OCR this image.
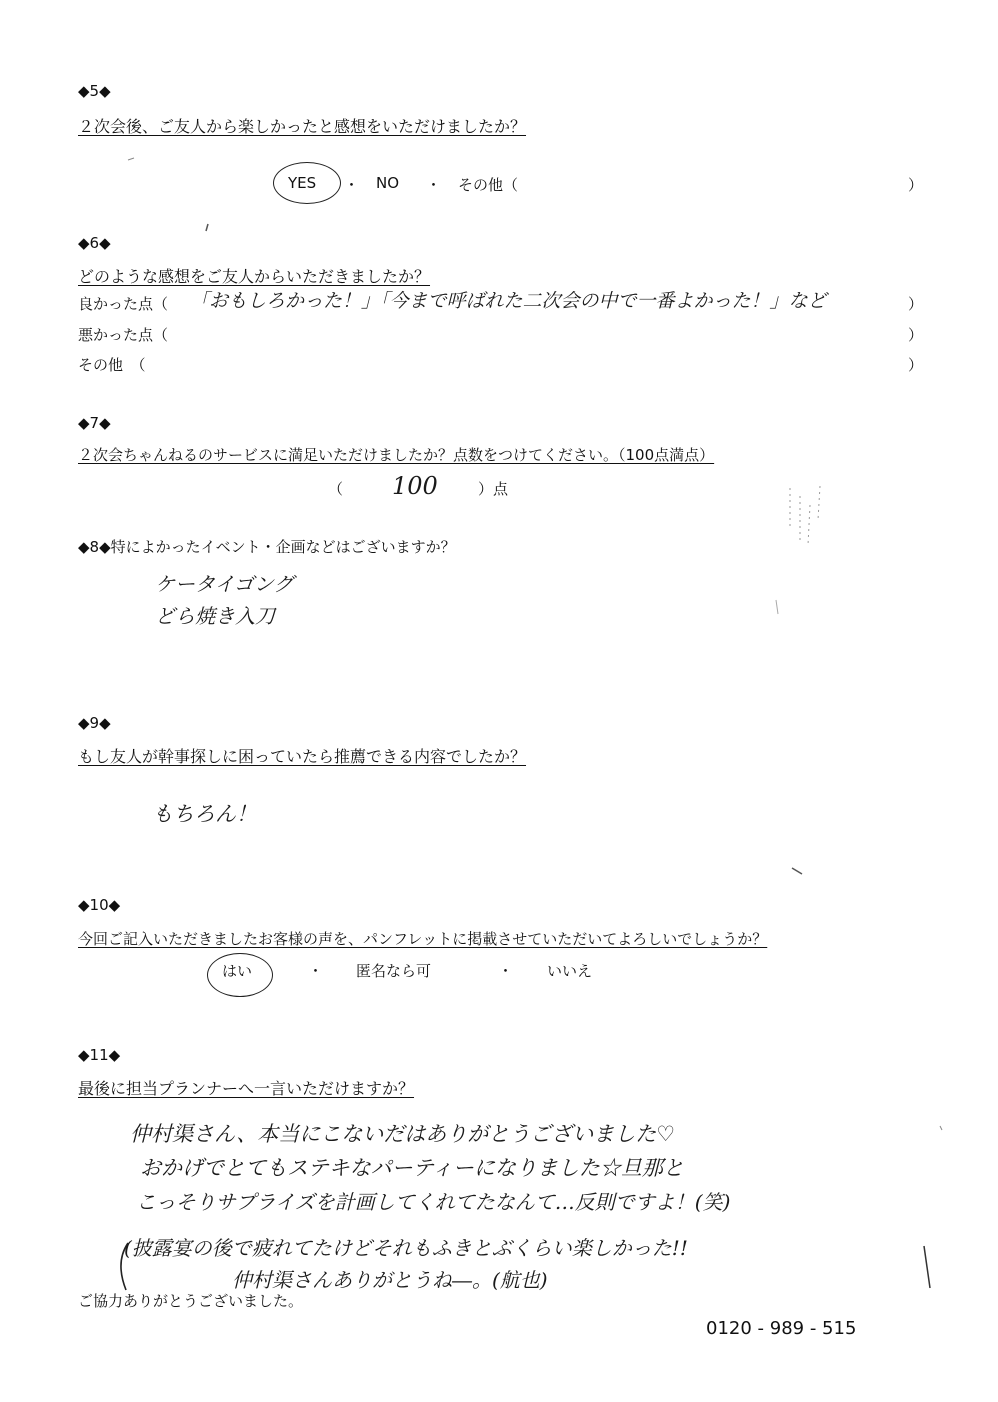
◆5◆
２次会後、ご友人から楽しかったと感想をいただけましたか？
YES ・ NO ・ その他（	）
◆6◆
どのような感想をご友人からいただきましたか？
良かった点（ 「おもしろかった！」「今まで呼ばれた二次会の中で一番よかった！」など	）
悪かった点（	）
その他　（	）
◆7◆
２次会ちゃんねるのサービスに満足いただけましたか？点数をつけてください。（100点満点）
（ 100	）点
◆8◆特によかったイベント・企画などはございますか？
ケータイゴング
どら焼き入刀
◆9◆
もし友人が幹事探しに困っていたら推薦できる内容でしたか？
もちろん！
◆10◆
今回ご記入いただきましたお客様の声を、パンフレットに掲載させていただいてよろしいでしょうか？
はい	・ 匿名なら可	・ いいえ
◆11◆
最後に担当プランナーへ一言いただけますか？
仲村渠さん、本当にこないだはありがとうございました♡
おかげでとてもステキなパーティーになりました☆旦那と
こっそりサプライズを計画してくれてたなんて…反則ですよ！(笑)
(披露宴の後で疲れてたけどそれもふきとぶくらい楽しかった!!
仲村渠さんありがとうね―。(航也)
ご協力ありがとうございました。
0120 - 989 - 515
